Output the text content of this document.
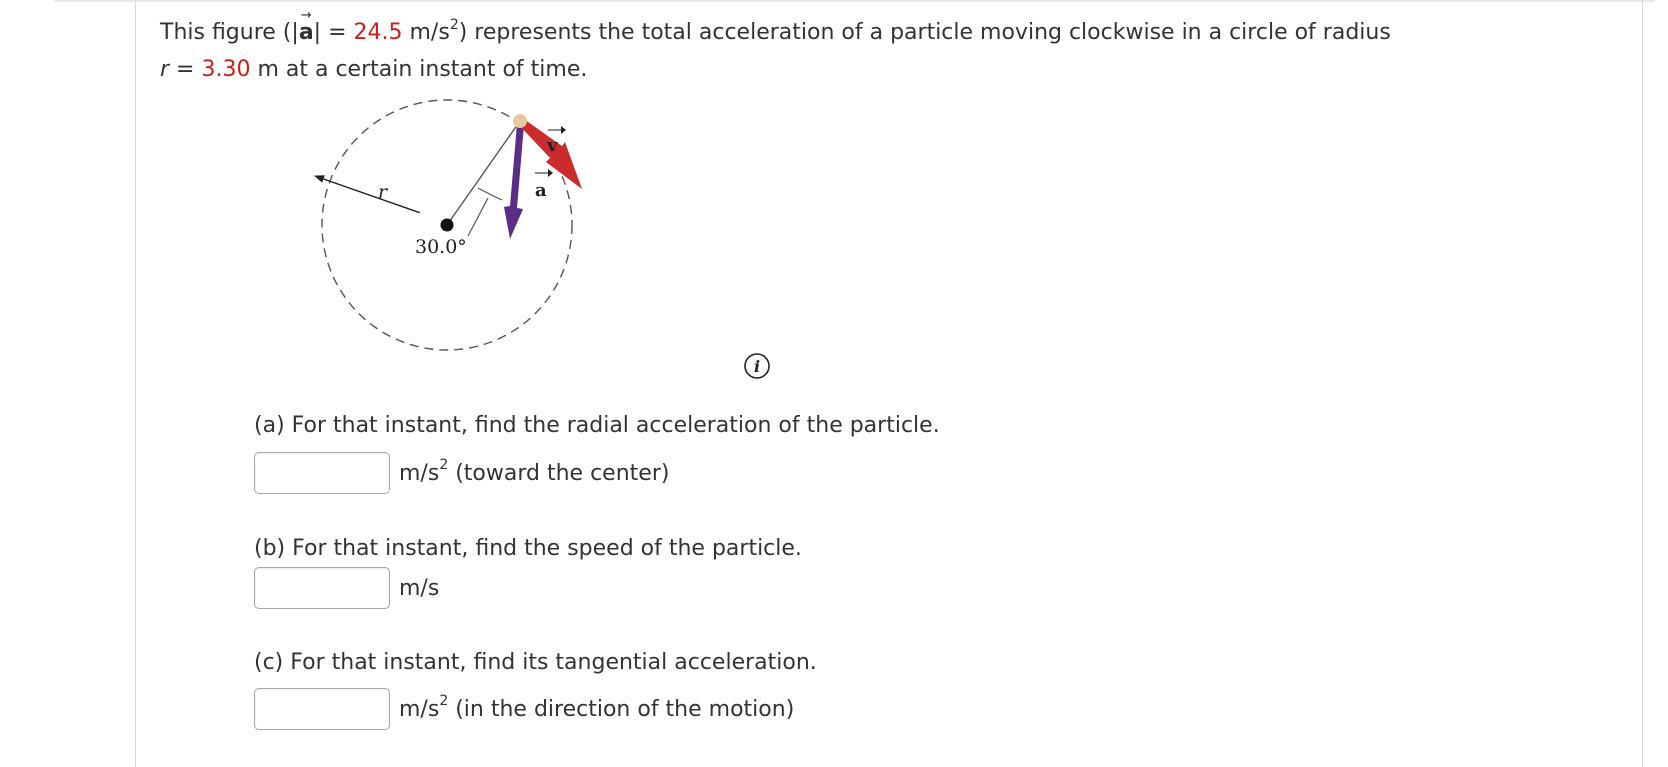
This figure (|→ a| = 24.5 $m/s^2$) represents the total acceleration of a particle moving clockwise in a circle of radius
r = 3.30 m at a certain instant of time.
r
30.0°
a
v
i
(a) For that instant, find the radial acceleration of the particle.
$m/s^2$ (toward the center)
(b) For that instant, find the speed of the particle.
m/s
(c) For that instant, find its tangential acceleration.
$m/s^2$ (in the direction of the motion)
